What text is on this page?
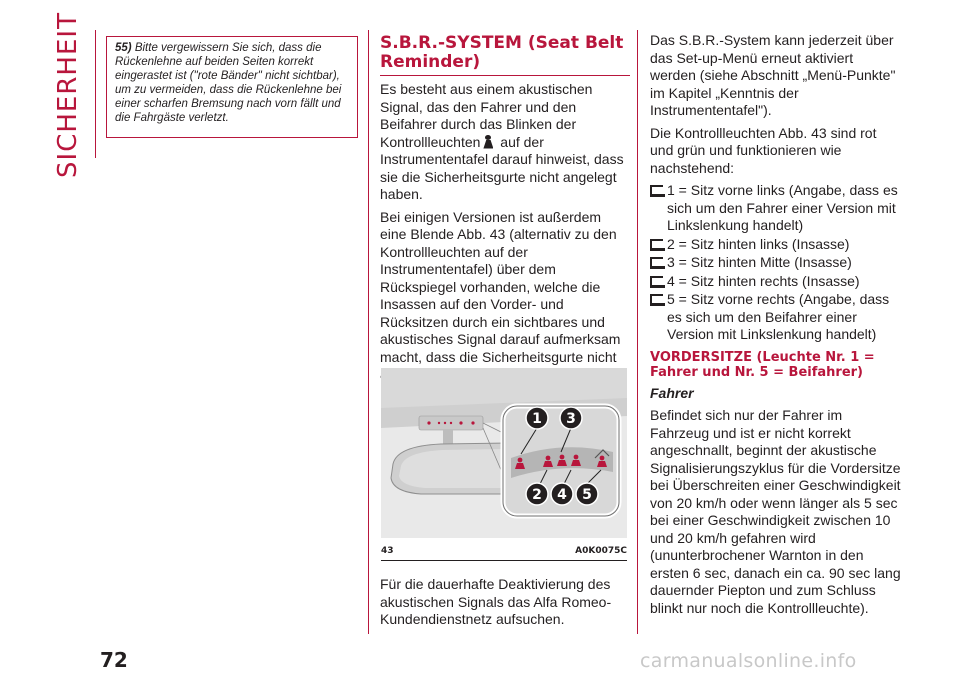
SICHERHEIT	55) Bitte vergewissern Sie sich, dass die Rückenlehne auf beiden Seiten korrekt eingerastet ist ("rote Bänder" nicht sichtbar), um zu vermeiden, dass die Rückenlehne bei einer scharfen Bremsung nach vorn fällt und die Fahrgäste verletzt.
S.B.R.-SYSTEM (Seat Belt Reminder)

Es besteht aus einem akustischen Signal, das den Fahrer und den Beifahrer durch das Blinken der Kontrollleuchten auf der Instrumententafel darauf hinweist, dass sie die Sicherheitsgurte nicht angelegt haben.

Bei einigen Versionen ist außerdem eine Blende Abb. 43 (alternativ zu den Kontrollleuchten auf der Instrumententafel) über dem Rückspiegel vorhanden, welche die Insassen auf den Vorder- und Rücksitzen durch ein sichtbares und akustisches Signal darauf aufmerksam macht, dass die Sicherheitsgurte nicht

1 3
2 4 5
43	A0K0075C

Für die dauerhafte Deaktivierung des akustischen Signals das Alfa Romeo-Kundendienstnetz aufsuchen.

Das S.B.R.-System kann jederzeit über das Set-up-Menü erneut aktiviert werden (siehe Abschnitt „Menü-Punkte" im Kapitel „Kenntnis der Instrumententafel").

Die Kontrollleuchten Abb. 43 sind rot und grün und funktionieren wie nachstehend:

1 = Sitz vorne links (Angabe, dass es sich um den Fahrer einer Version mit Linkslenkung handelt)
2 = Sitz hinten links (Insasse)
3 = Sitz hinten Mitte (Insasse)
4 = Sitz hinten rechts (Insasse)
5 = Sitz vorne rechts (Angabe, dass es sich um den Beifahrer einer Version mit Linkslenkung handelt)
VORDERSITZE (Leuchte Nr. 1 = Fahrer und Nr. 5 = Beifahrer)
Fahrer

Befindet sich nur der Fahrer im Fahrzeug und ist er nicht korrekt angeschnallt, beginnt der akustische Signalisierungszyklus für die Vordersitze bei Überschreiten einer Geschwindigkeit von 20 km/h oder wenn länger als 5 sec bei einer Geschwindigkeit zwischen 10 und 20 km/h gefahren wird (ununterbrochener Warnton in den ersten 6 sec, danach ein ca. 90 sec lang dauernder Piepton und zum Schluss blinkt nur noch die Kontrollleuchte).

72	carmanualsonline.info
